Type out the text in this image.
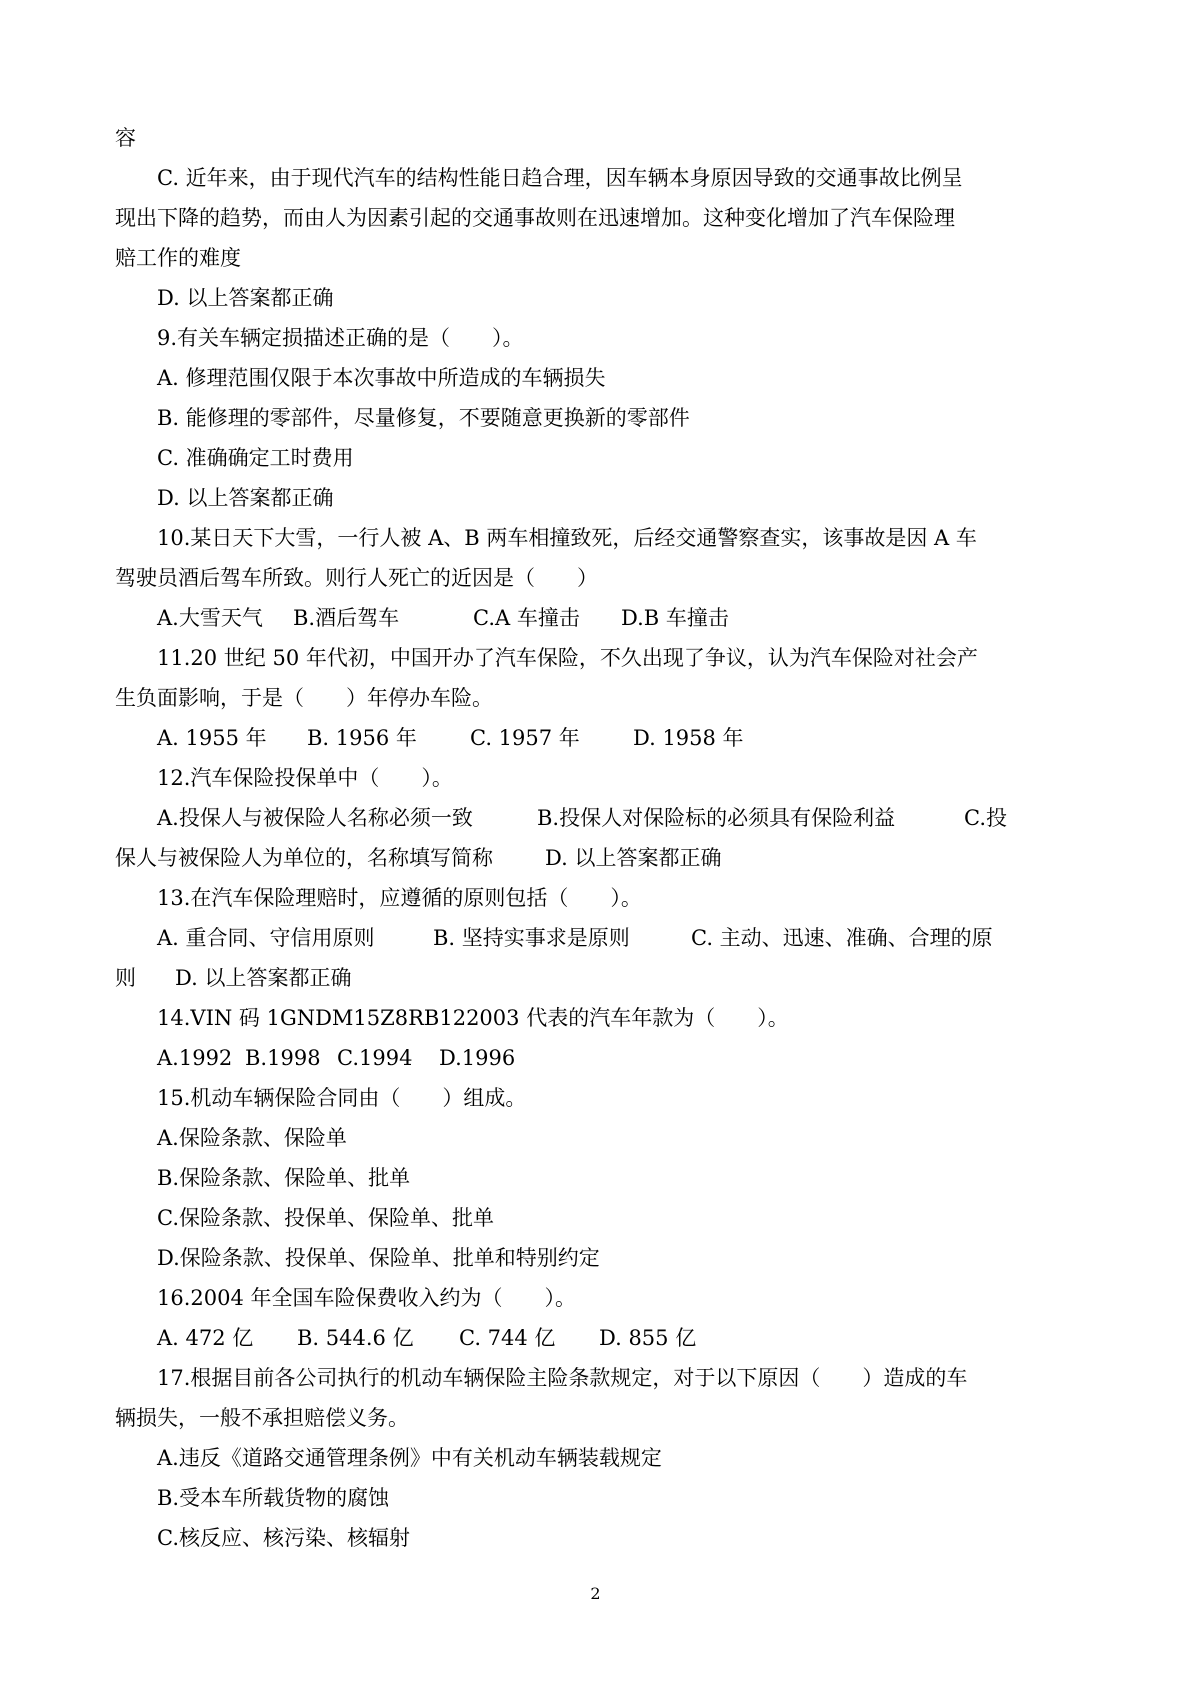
容
C. 近年来，由于现代汽车的结构性能日趋合理，因车辆本身原因导致的交通事故比例呈
现出下降的趋势，而由人为因素引起的交通事故则在迅速增加。这种变化增加了汽车保险理
赔工作的难度
D. 以上答案都正确
9.有关车辆定损描述正确的是（　　）。
A. 修理范围仅限于本次事故中所造成的车辆损失
B. 能修理的零部件，尽量修复，不要随意更换新的零部件
C. 准确确定工时费用
D. 以上答案都正确
10.某日天下大雪，一行人被 A、B 两车相撞致死，后经交通警察查实，该事故是因 A 车
驾驶员酒后驾车所致。则行人死亡的近因是（　　）
A.大雪天气 B.酒后驾车	C.A 车撞击 D.B 车撞击
11.20 世纪 50 年代初，中国开办了汽车保险，不久出现了争议，认为汽车保险对社会产
生负面影响，于是（　　）年停办车险。
A. 1955 年 B. 1956 年	C. 1957 年	D. 1958 年
12.汽车保险投保单中（　　）。
A.投保人与被保险人名称必须一致	B.投保人对保险标的必须具有保险利益	C.投
保人与被保险人为单位的，名称填写简称 D. 以上答案都正确
13.在汽车保险理赔时，应遵循的原则包括（　　）。
A. 重合同、守信用原则	B. 坚持实事求是原则	C. 主动、迅速、准确、合理的原
则 D. 以上答案都正确
14.VIN 码 1GNDM15Z8RB122003 代表的汽车年款为（　　）。
A.1992 B.1998 C.1994 D.1996
15.机动车辆保险合同由（　　）组成。
A.保险条款、保险单
B.保险条款、保险单、批单
C.保险条款、投保单、保险单、批单
D.保险条款、投保单、保险单、批单和特别约定
16.2004 年全国车险保费收入约为（　　）。
A. 472 亿 B. 544.6 亿 C. 744 亿 D. 855 亿
17.根据目前各公司执行的机动车辆保险主险条款规定，对于以下原因（　　）造成的车
辆损失，一般不承担赔偿义务。
A.违反《道路交通管理条例》中有关机动车辆装载规定
B.受本车所载货物的腐蚀
C.核反应、核污染、核辐射
2
